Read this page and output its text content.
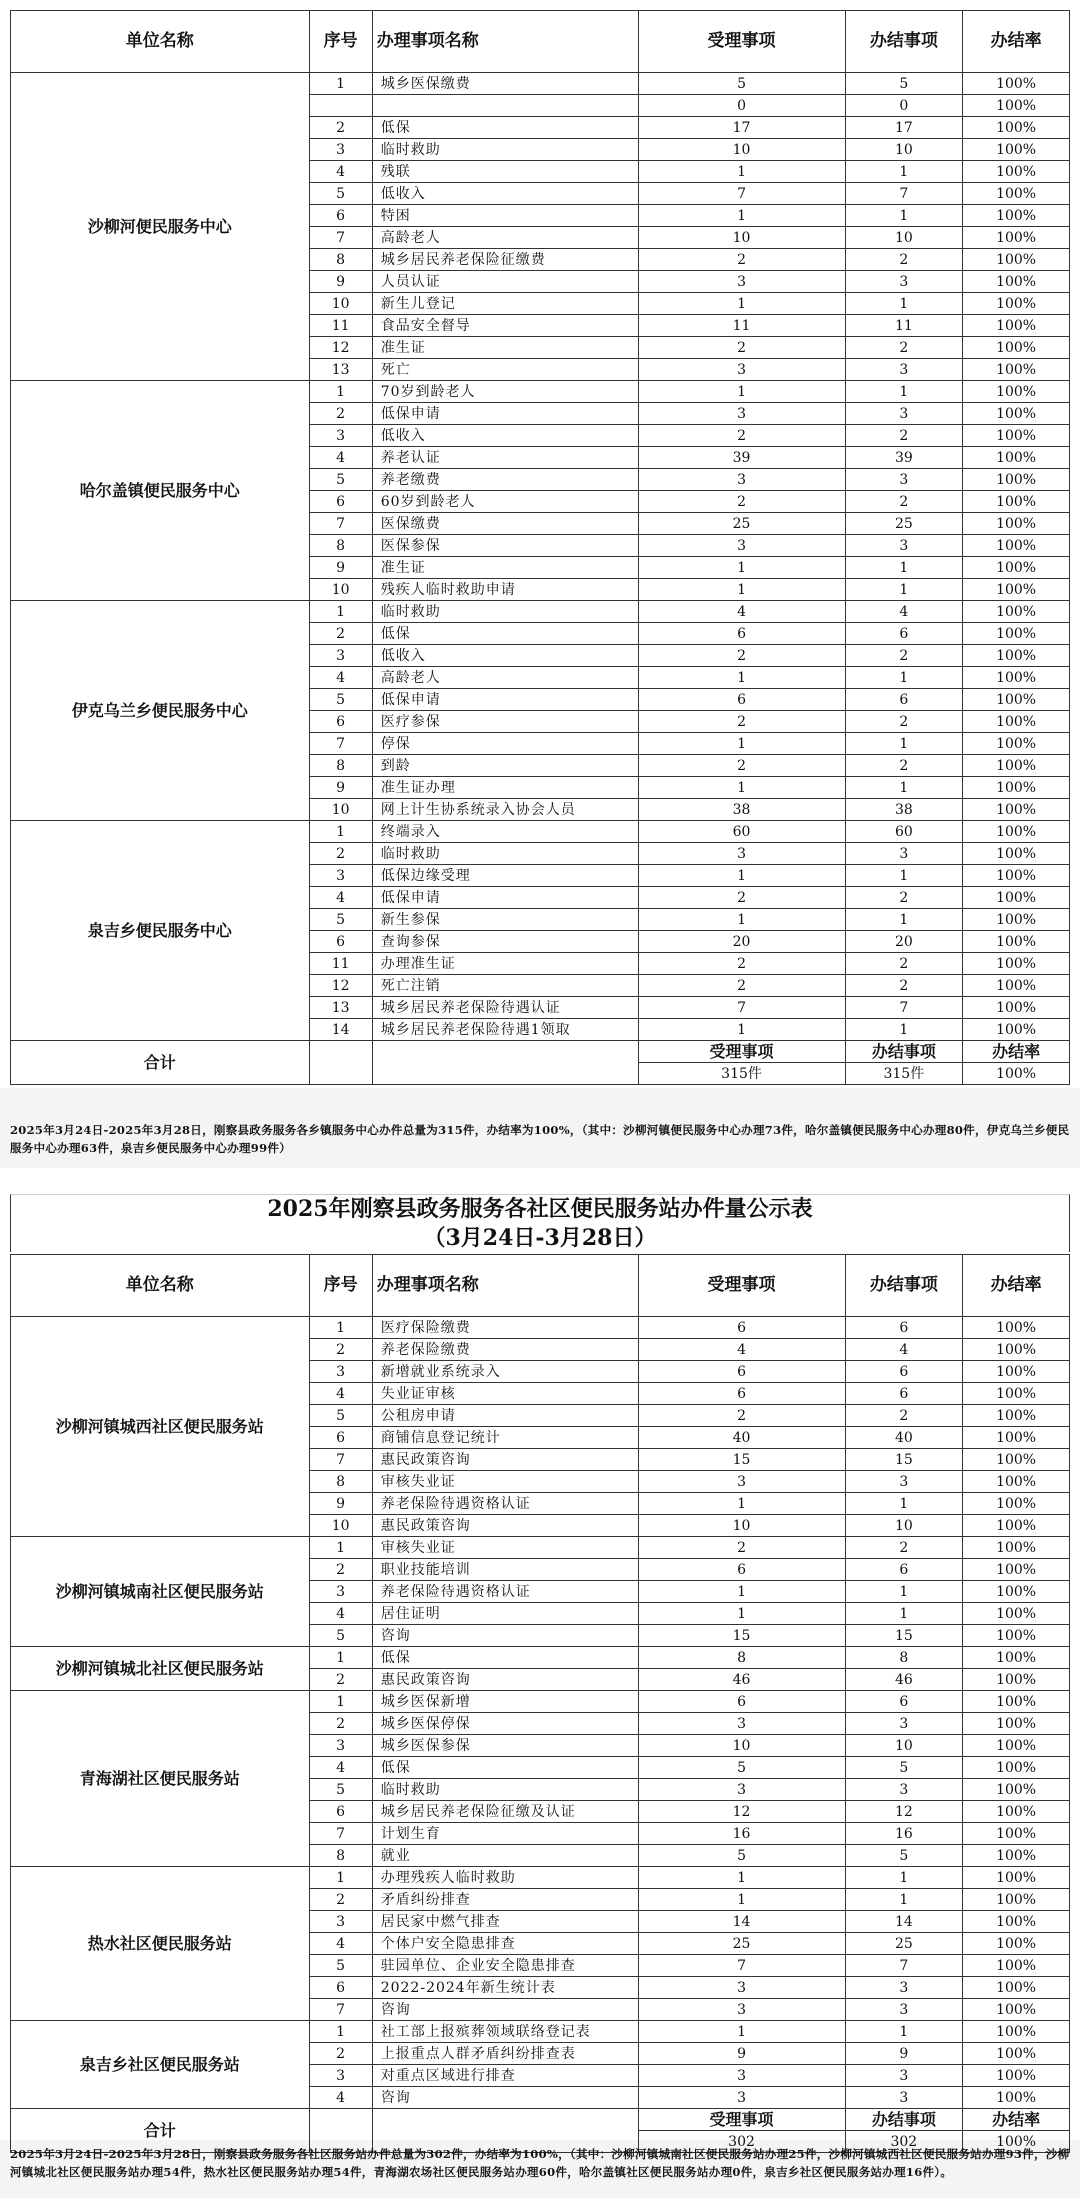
单位名称	序号	办理事项名称	受理事项	办结事项	办结率
沙柳河便民服务中心	1	城乡医保缴费	5	5	100%
			0	0	100%
	2	低保	17	17	100%
	3	临时救助	10	10	100%
	4	残联	1	1	100%
	5	低收入	7	7	100%
	6	特困	1	1	100%
	7	高龄老人	10	10	100%
	8	城乡居民养老保险征缴费	2	2	100%
	9	人员认证	3	3	100%
	10	新生儿登记	1	1	100%
	11	食品安全督导	11	11	100%
	12	准生证	2	2	100%
	13	死亡	3	3	100%
哈尔盖镇便民服务中心	1	70岁到龄老人	1	1	100%
	2	低保申请	3	3	100%
	3	低收入	2	2	100%
	4	养老认证	39	39	100%
	5	养老缴费	3	3	100%
	6	60岁到龄老人	2	2	100%
	7	医保缴费	25	25	100%
	8	医保参保	3	3	100%
	9	准生证	1	1	100%
	10	残疾人临时救助申请	1	1	100%
伊克乌兰乡便民服务中心	1	临时救助	4	4	100%
	2	低保	6	6	100%
	3	低收入	2	2	100%
	4	高龄老人	1	1	100%
	5	低保申请	6	6	100%
	6	医疗参保	2	2	100%
	7	停保	1	1	100%
	8	到龄	2	2	100%
	9	准生证办理	1	1	100%
	10	网上计生协系统录入协会人员	38	38	100%
泉吉乡便民服务中心	1	终端录入	60	60	100%
	2	临时救助	3	3	100%
	3	低保边缘受理	1	1	100%
	4	低保申请	2	2	100%
	5	新生参保	1	1	100%
	6	查询参保	20	20	100%
	11	办理准生证	2	2	100%
	12	死亡注销	2	2	100%
	13	城乡居民养老保险待遇认证	7	7	100%
	14	城乡居民养老保险待遇1领取	1	1	100%
合计			受理事项	办结事项	办结率
			315件	315件	100%
2025年3月24日-2025年3月28日，刚察县政务服务各乡镇服务中心办件总量为315件，办结率为100%，（其中：沙柳河镇便民服务中心办理73件，哈尔盖镇便民服务中心办理80件，伊克乌兰乡便民服务中心办理63件，泉吉乡便民服务中心办理99件）
2025年刚察县政务服务各社区便民服务站办件量公示表
（3月24日-3月28日）
单位名称	序号	办理事项名称	受理事项	办结事项	办结率
沙柳河镇城西社区便民服务站	1	医疗保险缴费	6	6	100%
	2	养老保险缴费	4	4	100%
	3	新增就业系统录入	6	6	100%
	4	失业证审核	6	6	100%
	5	公租房申请	2	2	100%
	6	商铺信息登记统计	40	40	100%
	7	惠民政策咨询	15	15	100%
	8	审核失业证	3	3	100%
	9	养老保险待遇资格认证	1	1	100%
	10	惠民政策咨询	10	10	100%
沙柳河镇城南社区便民服务站	1	审核失业证	2	2	100%
	2	职业技能培训	6	6	100%
	3	养老保险待遇资格认证	1	1	100%
	4	居住证明	1	1	100%
	5	咨询	15	15	100%
沙柳河镇城北社区便民服务站	1	低保	8	8	100%
	2	惠民政策咨询	46	46	100%
青海湖社区便民服务站	1	城乡医保新增	6	6	100%
	2	城乡医保停保	3	3	100%
	3	城乡医保参保	10	10	100%
	4	低保	5	5	100%
	5	临时救助	3	3	100%
	6	城乡居民养老保险征缴及认证	12	12	100%
	7	计划生育	16	16	100%
	8	就业	5	5	100%
热水社区便民服务站	1	办理残疾人临时救助	1	1	100%
	2	矛盾纠纷排查	1	1	100%
	3	居民家中燃气排查	14	14	100%
	4	个体户安全隐患排查	25	25	100%
	5	驻园单位、企业安全隐患排查	7	7	100%
	6	2022-2024年新生统计表	3	3	100%
	7	咨询	3	3	100%
泉吉乡社区便民服务站	1	社工部上报殡葬领域联络登记表	1	1	100%
	2	上报重点人群矛盾纠纷排查表	9	9	100%
	3	对重点区域进行排查	3	3	100%
	4	咨询	3	3	100%
合计			受理事项	办结事项	办结率
			302	302	100%
2025年3月24日-2025年3月28日，刚察县政务服务各社区服务站办件总量为302件，办结率为100%，（其中：沙柳河镇城南社区便民服务站办理25件，沙柳河镇城西社区便民服务站办理93件，沙柳河镇城北社区便民服务站办理54件，热水社区便民服务站办理54件，青海湖农场社区便民服务站办理60件，哈尔盖镇社区便民服务站办理0件，泉吉乡社区便民服务站办理16件）。
